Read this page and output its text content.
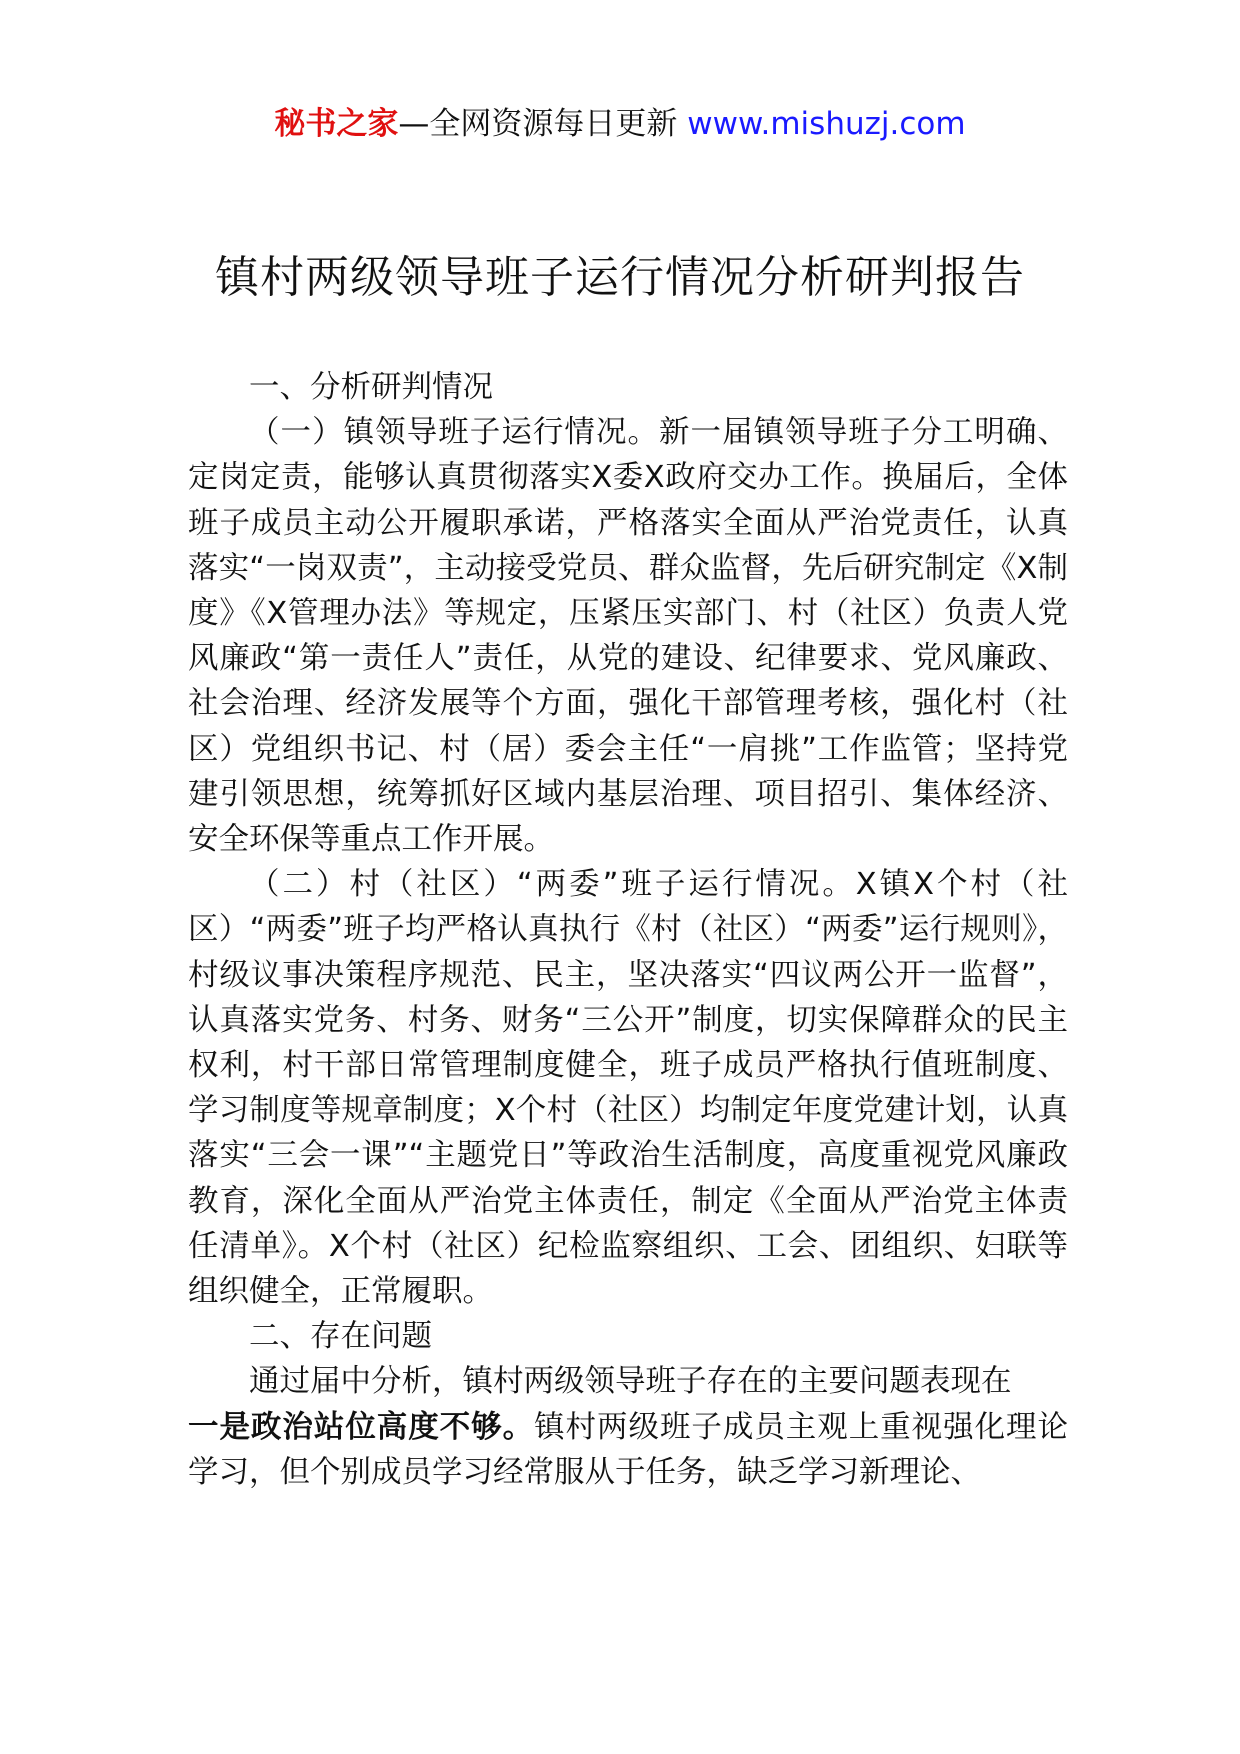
秘书之家—全网资源每日更新 www.mishuzj.com
镇村两级领导班子运行情况分析研判报告

一、分析研判情况

（一）镇领导班子运行情况。新一届镇领导班子分工明确、定岗定责，能够认真贯彻落实X委X政府交办工作。换届后，全体班子成员主动公开履职承诺，严格落实全面从严治党责任，认真落实“一岗双责”，主动接受党员、群众监督，先后研究制定《X制度》《X管理办法》等规定，压紧压实部门、村（社区）负责人党风廉政“第一责任人”责任，从党的建设、纪律要求、党风廉政、社会治理、经济发展等个方面，强化干部管理考核，强化村（社区）党组织书记、村（居）委会主任“一肩挑”工作监管；坚持党建引领思想，统筹抓好区域内基层治理、项目招引、集体经济、安全环保等重点工作开展。

（二）村（社区）“两委”班子运行情况。X镇X个村（社区）“两委”班子均严格认真执行《村（社区）“两委”运行规则》，村级议事决策程序规范、民主，坚决落实“四议两公开一监督”，认真落实党务、村务、财务“三公开”制度，切实保障群众的民主权利，村干部日常管理制度健全，班子成员严格执行值班制度、学习制度等规章制度；X个村（社区）均制定年度党建计划，认真落实“三会一课”“主题党日”等政治生活制度，高度重视党风廉政教育，深化全面从严治党主体责任，制定《全面从严治党主体责任清单》。X个村（社区）纪检监察组织、工会、团组织、妇联等组织健全，正常履职。

二、存在问题

通过届中分析，镇村两级领导班子存在的主要问题表现在

一是政治站位高度不够。镇村两级班子成员主观上重视强化理论学习，但个别成员学习经常服从于任务，缺乏学习新理论、
